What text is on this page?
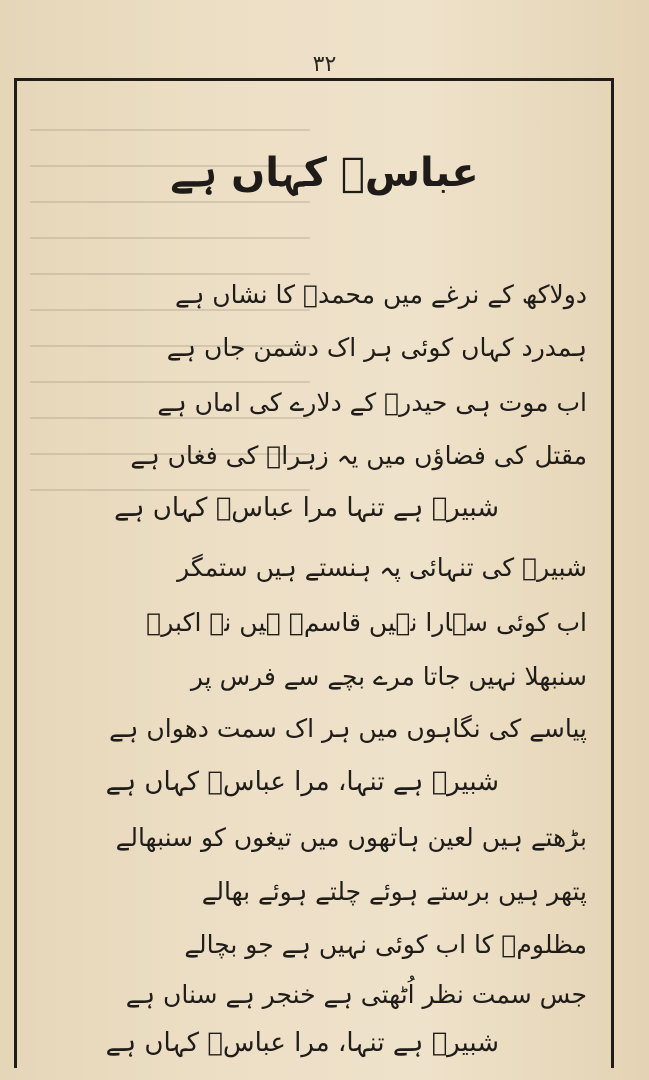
۳۲
عباسؑ کہاں ہے
دولاکھ کے نرغے میں محمدؐ کا نشاں ہے
ہمدرد کہاں کوئی ہر اک دشمن جاں ہے
اب موت ہی حیدرؑ کے دلارے کی اماں ہے
مقتل کی فضاؤں میں یہ زہراؑ کی فغاں ہے
شبیرؑ ہے تنہا مرا عباسؑ کہاں ہے
شبیرؑ کی تنہائی پہ ہنستے ہیں ستمگر
اب کوئی سہارا نہیں قاسمؑ ہیں نہ اکبرؑ
سنبھلا نہیں جاتا مرے بچے سے فرس پر
پیاسے کی نگاہوں میں ہر اک سمت دھواں ہے
شبیرؑ ہے تنہا، مرا عباسؑ کہاں ہے
بڑھتے ہیں لعین ہاتھوں میں تیغوں کو سنبھالے
پتھر ہیں برستے ہوئے چلتے ہوئے بھالے
مظلومؑ کا اب کوئی نہیں ہے جو بچالے
جس سمت نظر اُٹھتی ہے خنجر ہے سناں ہے
شبیرؑ ہے تنہا، مرا عباسؑ کہاں ہے
